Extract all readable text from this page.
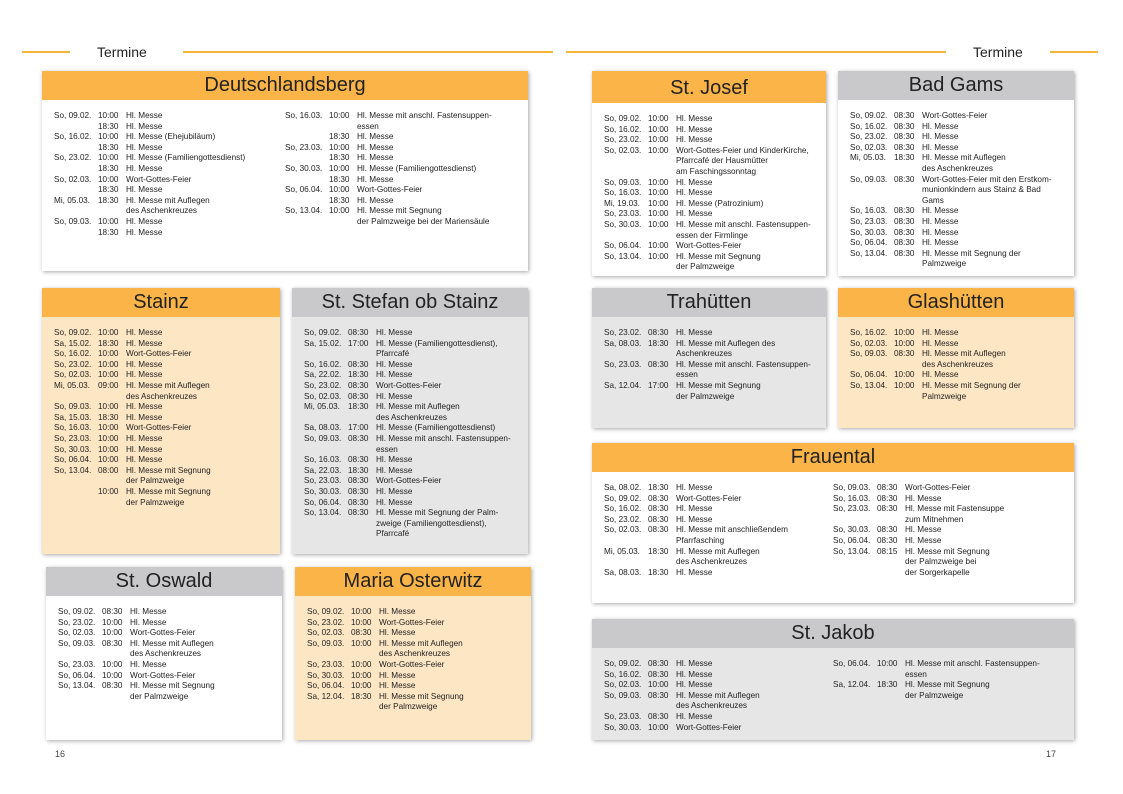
Termine	Termine
Deutschlandsberg
So, 09.02. 10:00 Hl. Messe
18:30 Hl. Messe
So, 16.02. 10:00 Hl. Messe (Ehejubiläum)
18:30 Hl. Messe
So, 23.02. 10:00 Hl. Messe (Familiengottesdienst)
18:30 Hl. Messe
So, 02.03. 10:00 Wort-Gottes-Feier
18:30 Hl. Messe
Mi, 05.03. 18:30 Hl. Messe mit Auflegen
des Aschenkreuzes
So, 09.03. 10:00 Hl. Messe
18:30 Hl. Messe
So, 16.03. 10:00 Hl. Messe mit anschl. Fastensuppen-
essen
18:30 Hl. Messe
So, 23.03. 10:00 Hl. Messe
18:30 Hl. Messe
So, 30.03. 10:00 Hl. Messe (Familiengottesdienst)
18:30 Hl. Messe
So, 06.04. 10:00 Wort-Gottes-Feier
18:30 Hl. Messe
So, 13.04. 10:00 Hl. Messe mit Segnung
der Palmzweige bei der Mariensäule
St. Josef
So, 09.02. 10:00 Hl. Messe
So, 16.02. 10:00 Hl. Messe
So, 23.02. 10:00 Hl. Messe
So, 02.03. 10:00 Wort-Gottes-Feier und KinderKirche,
Pfarrcafé der Hausmütter
am Faschingssonntag
So, 09.03. 10:00 Hl. Messe
So, 16.03. 10:00 Hl. Messe
Mi, 19.03. 10:00 Hl. Messe (Patrozinium)
So, 23.03. 10:00 Hl. Messe
So, 30.03. 10:00 Hl. Messe mit anschl. Fastensuppen-
essen der Firmlinge
So, 06.04. 10:00 Wort-Gottes-Feier
So, 13.04. 10:00 Hl. Messe mit Segnung
der Palmzweige
Bad Gams
So, 09.02. 08:30 Wort-Gottes-Feier
So, 16.02. 08:30 Hl. Messe
So, 23.02. 08:30 Hl. Messe
So, 02.03. 08:30 Hl. Messe
Mi, 05.03. 18:30 Hl. Messe mit Auflegen
des Aschenkreuzes
So, 09.03. 08:30 Wort-Gottes-Feier mit den Erstkom-
munionkindern aus Stainz & Bad Gams
So, 16.03. 08:30 Hl. Messe
So, 23.03. 08:30 Hl. Messe
So, 30.03. 08:30 Hl. Messe
So, 06.04. 08:30 Hl. Messe
So, 13.04. 08:30 Hl. Messe mit Segnung der Palmzweige
Stainz
So, 09.02. 10:00 Hl. Messe
Sa, 15.02. 18:30 Hl. Messe
So, 16.02. 10:00 Wort-Gottes-Feier
So, 23.02. 10:00 Hl. Messe
So, 02.03. 10:00 Hl. Messe
Mi, 05.03. 09:00 Hl. Messe mit Auflegen
des Aschenkreuzes
So, 09.03. 10:00 Hl. Messe
Sa, 15.03. 18:30 Hl. Messe
So, 16.03. 10:00 Wort-Gottes-Feier
So, 23.03. 10:00 Hl. Messe
So, 30.03. 10:00 Hl. Messe
So, 06.04. 10:00 Hl. Messe
So, 13.04. 08:00 Hl. Messe mit Segnung
der Palmzweige
10:00 Hl. Messe mit Segnung
der Palmzweige
St. Stefan ob Stainz
So, 09.02. 08:30 Hl. Messe
Sa, 15.02. 17:00 Hl. Messe (Familiengottesdienst),
Pfarrcafé
So, 16.02. 08:30 Hl. Messe
Sa, 22.02. 18:30 Hl. Messe
So, 23.02. 08:30 Wort-Gottes-Feier
So, 02.03. 08:30 Hl. Messe
Mi, 05.03. 18:30 Hl. Messe mit Auflegen
des Aschenkreuzes
Sa, 08.03. 17:00 Hl. Messe (Familiengottesdienst)
So, 09.03. 08:30 Hl. Messe mit anschl. Fastensuppen-
essen
So, 16.03. 08:30 Hl. Messe
Sa, 22.03. 18:30 Hl. Messe
So, 23.03. 08:30 Wort-Gottes-Feier
So, 30.03. 08:30 Hl. Messe
So, 06.04. 08:30 Hl. Messe
So, 13.04. 08:30 Hl. Messe mit Segnung der Palm-
zweige (Familiengottesdienst),
Pfarrcafé
Trahütten
So, 23.02. 08:30 Hl. Messe
Sa, 08.03. 18:30 Hl. Messe mit Auflegen des
Aschenkreuzes
So, 23.03. 08:30 Hl. Messe mit anschl. Fastensuppen-
essen
Sa, 12.04. 17:00 Hl. Messe mit Segnung
der Palmzweige
Glashütten
So, 16.02. 10:00 Hl. Messe
So, 02.03. 10:00 Hl. Messe
So, 09.03. 08:30 Hl. Messe mit Auflegen
des Aschenkreuzes
So, 06.04. 10:00 Hl. Messe
So, 13.04. 10:00 Hl. Messe mit Segnung der Palmzweige
Frauental
Sa, 08.02. 18:30 Hl. Messe
So, 09.02. 08:30 Wort-Gottes-Feier
So, 16.02. 08:30 Hl. Messe
So, 23.02. 08:30 Hl. Messe
So, 02.03. 08:30 Hl. Messe mit anschließendem
Pfarrfasching
Mi, 05.03. 18:30 Hl. Messe mit Auflegen
des Aschenkreuzes
Sa, 08.03. 18:30 Hl. Messe
So, 09.03. 08:30 Wort-Gottes-Feier
So, 16.03. 08:30 Hl. Messe
So, 23.03. 08:30 Hl. Messe mit Fastensuppe
zum Mitnehmen
So, 30.03. 08:30 Hl. Messe
So, 06.04. 08:30 Hl. Messe
So, 13.04. 08:15 Hl. Messe mit Segnung
der Palmzweige bei
der Sorgerkapelle
St. Oswald
So, 09.02. 08:30 Hl. Messe
So, 23.02. 10:00 Hl. Messe
So, 02.03. 10:00 Wort-Gottes-Feier
So, 09.03. 08:30 Hl. Messe mit Auflegen
des Aschenkreuzes
So, 23.03. 10:00 Hl. Messe
So, 06.04. 10:00 Wort-Gottes-Feier
So, 13.04. 08:30 Hl. Messe mit Segnung
der Palmzweige
Maria Osterwitz
So, 09.02. 10:00 Hl. Messe
So, 23.02. 10:00 Wort-Gottes-Feier
So, 02.03. 08:30 Hl. Messe
So, 09.03. 10:00 Hl. Messe mit Auflegen
des Aschenkreuzes
So, 23.03. 10:00 Wort-Gottes-Feier
So, 30.03. 10:00 Hl. Messe
So, 06.04. 10:00 Hl. Messe
Sa, 12.04. 18:30 Hl. Messe mit Segnung
der Palmzweige
St. Jakob
So, 09.02. 08:30 Hl. Messe
So, 16.02. 08:30 Hl. Messe
So, 02.03. 10:00 Hl. Messe
So, 09.03. 08:30 Hl. Messe mit Auflegen
des Aschenkreuzes
So, 23.03. 08:30 Hl. Messe
So, 30.03. 10:00 Wort-Gottes-Feier
So, 06.04. 10:00 Hl. Messe mit anschl. Fastensuppen-
essen
Sa, 12.04. 18:30 Hl. Messe mit Segnung
der Palmzweige
16	17
